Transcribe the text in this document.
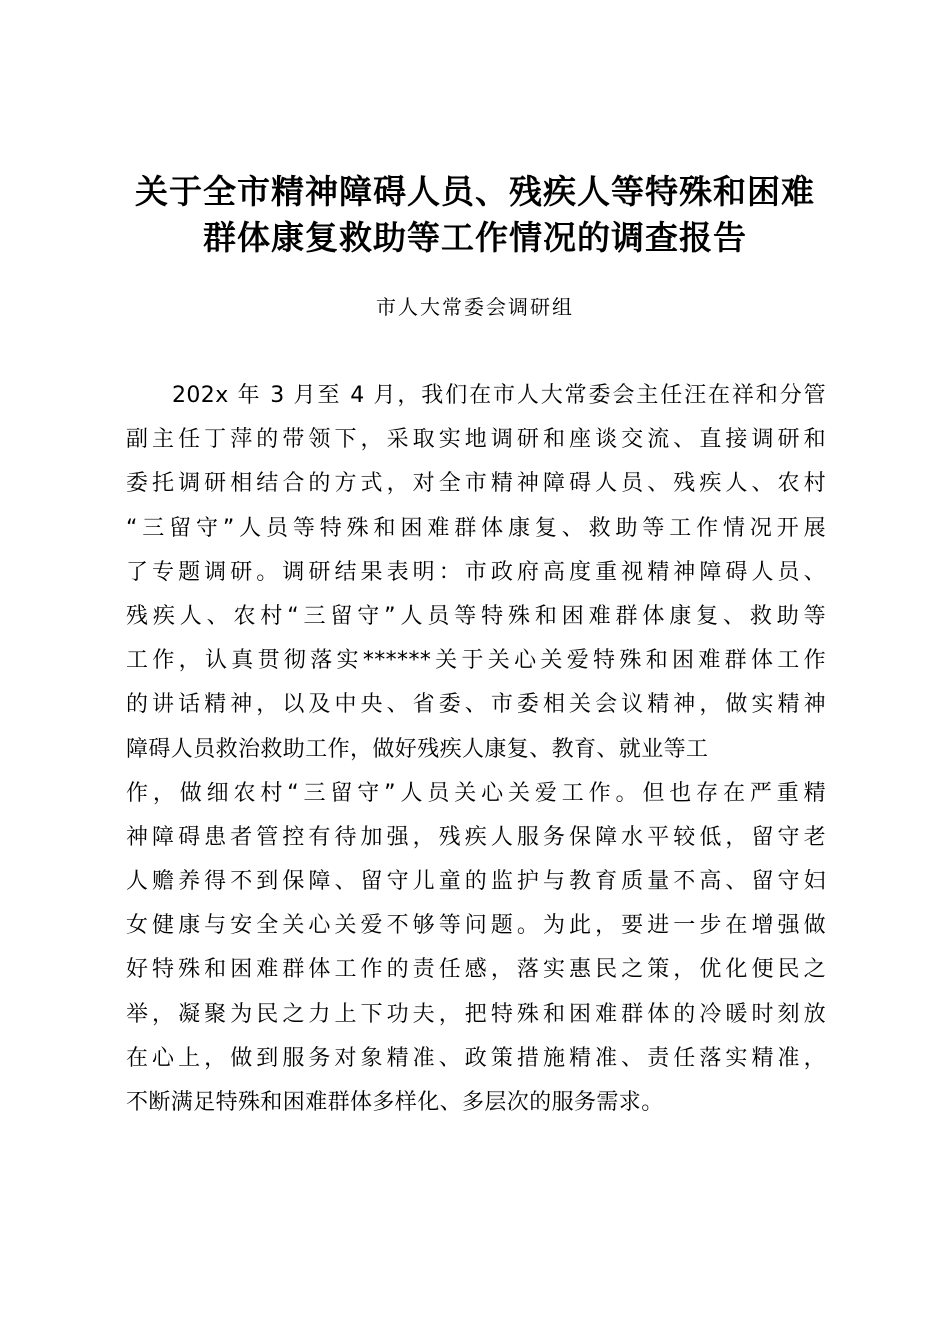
关于全市精神障碍人员、残疾人等特殊和困难
群体康复救助等工作情况的调查报告
市人大常委会调研组
202x 年 3 月至 4 月，我们在市人大常委会主任汪在祥和分管
副主任丁萍的带领下，采取实地调研和座谈交流、直接调研和
委托调研相结合的方式，对全市精神障碍人员、残疾人、农村
“三留守”人员等特殊和困难群体康复、救助等工作情况开展
了专题调研。调研结果表明：市政府高度重视精神障碍人员、
残疾人、农村“三留守”人员等特殊和困难群体康复、救助等
工作，认真贯彻落实******关于关心关爱特殊和困难群体工作
的讲话精神，以及中央、省委、市委相关会议精神，做实精神
障碍人员救治救助工作，做好残疾人康复、教育、就业等工
作，做细农村“三留守”人员关心关爱工作。但也存在严重精
神障碍患者管控有待加强，残疾人服务保障水平较低，留守老
人赡养得不到保障、留守儿童的监护与教育质量不高、留守妇
女健康与安全关心关爱不够等问题。为此，要进一步在增强做
好特殊和困难群体工作的责任感，落实惠民之策，优化便民之
举，凝聚为民之力上下功夫，把特殊和困难群体的冷暖时刻放
在心上，做到服务对象精准、政策措施精准、责任落实精准，
不断满足特殊和困难群体多样化、多层次的服务需求。
